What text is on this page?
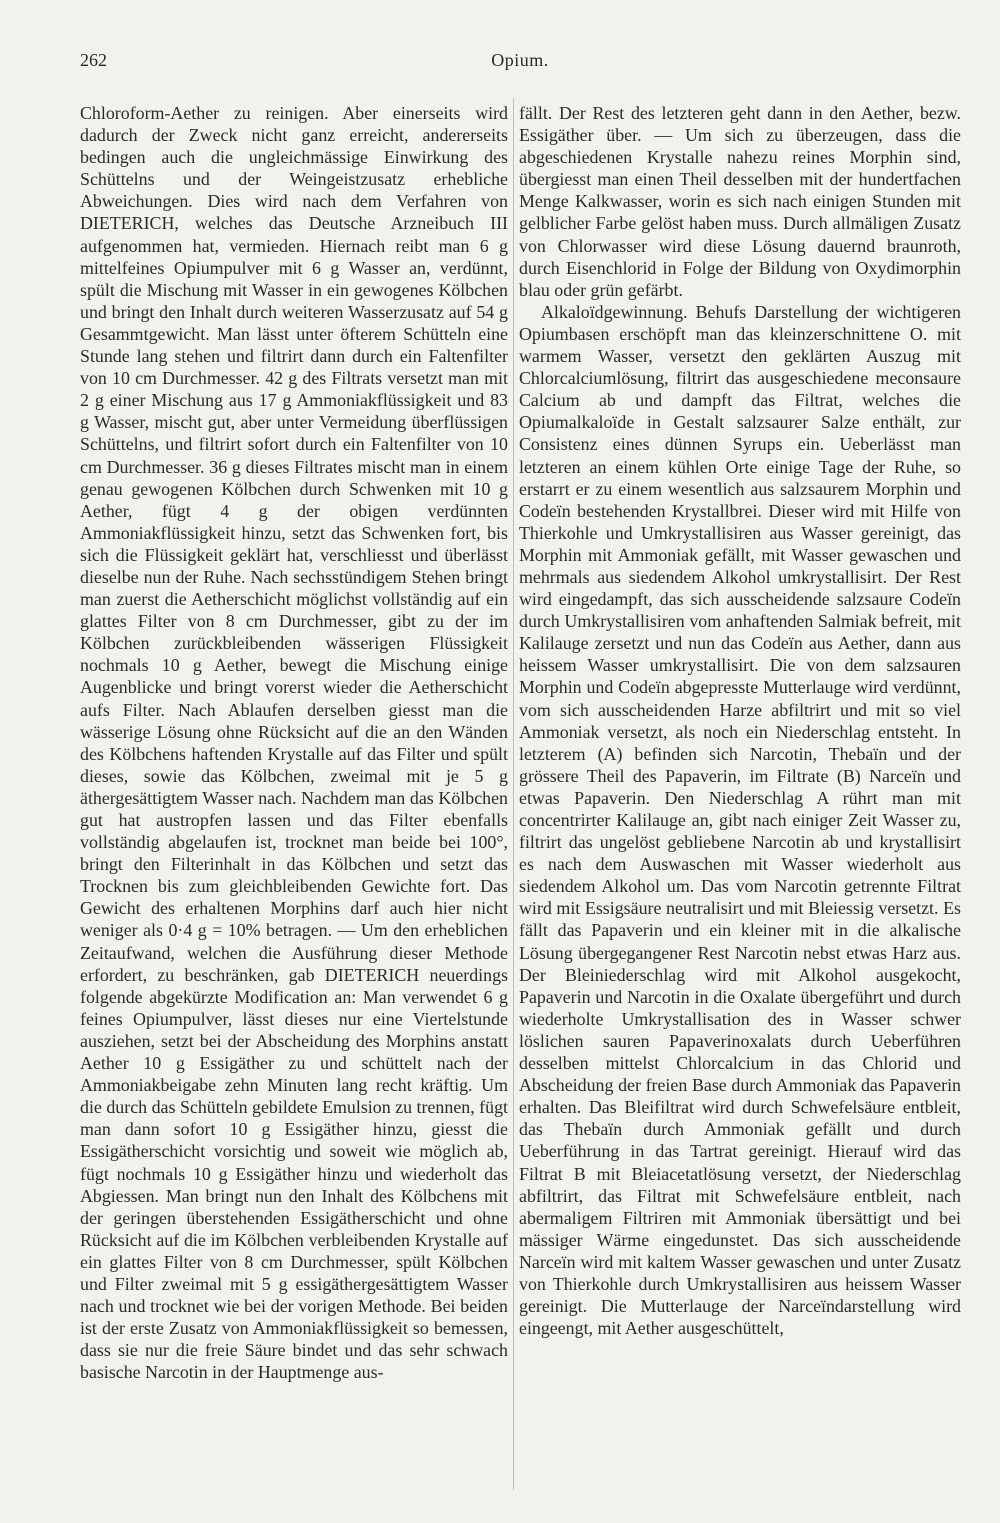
262	Opium.

Chloroform-Aether zu reinigen. Aber einerseits wird dadurch der Zweck nicht ganz erreicht, andererseits bedingen auch die ungleichmässige Einwirkung des Schüttelns und der Weingeistzusatz erhebliche Abweichungen. Dies wird nach dem Verfahren von DIETERICH, welches das Deutsche Arzneibuch III aufgenommen hat, vermieden. Hiernach reibt man 6 g mittelfeines Opiumpulver mit 6 g Wasser an, verdünnt, spült die Mischung mit Wasser in ein gewogenes Kölbchen und bringt den Inhalt durch weiteren Wasserzusatz auf 54 g Gesammtgewicht. Man lässt unter öfterem Schütteln eine Stunde lang stehen und filtrirt dann durch ein Faltenfilter von 10 cm Durchmesser. 42 g des Filtrats versetzt man mit 2 g einer Mischung aus 17 g Ammoniakflüssigkeit und 83 g Wasser, mischt gut, aber unter Vermeidung überflüssigen Schüttelns, und filtrirt sofort durch ein Faltenfilter von 10 cm Durchmesser. 36 g dieses Filtrates mischt man in einem genau gewogenen Kölbchen durch Schwenken mit 10 g Aether, fügt 4 g der obigen verdünnten Ammoniakflüssigkeit hinzu, setzt das Schwenken fort, bis sich die Flüssigkeit geklärt hat, verschliesst und überlässt dieselbe nun der Ruhe. Nach sechsstündigem Stehen bringt man zuerst die Aetherschicht möglichst vollständig auf ein glattes Filter von 8 cm Durchmesser, gibt zu der im Kölbchen zurückbleibenden wässerigen Flüssigkeit nochmals 10 g Aether, bewegt die Mischung einige Augenblicke und bringt vorerst wieder die Aetherschicht aufs Filter. Nach Ablaufen derselben giesst man die wässerige Lösung ohne Rücksicht auf die an den Wänden des Kölbchens haftenden Krystalle auf das Filter und spült dieses, sowie das Kölbchen, zweimal mit je 5 g äthergesättigtem Wasser nach. Nachdem man das Kölbchen gut hat austropfen lassen und das Filter ebenfalls vollständig abgelaufen ist, trocknet man beide bei 100°, bringt den Filterinhalt in das Kölbchen und setzt das Trocknen bis zum gleichbleibenden Gewichte fort. Das Gewicht des erhaltenen Morphins darf auch hier nicht weniger als 0·4 g = 10% betragen. — Um den erheblichen Zeitaufwand, welchen die Ausführung dieser Methode erfordert, zu beschränken, gab DIETERICH neuerdings folgende abgekürzte Modification an: Man verwendet 6 g feines Opiumpulver, lässt dieses nur eine Viertelstunde ausziehen, setzt bei der Abscheidung des Morphins anstatt Aether 10 g Essigäther zu und schüttelt nach der Ammoniakbeigabe zehn Minuten lang recht kräftig. Um die durch das Schütteln gebildete Emulsion zu trennen, fügt man dann sofort 10 g Essigäther hinzu, giesst die Essigätherschicht vorsichtig und soweit wie möglich ab, fügt nochmals 10 g Essigäther hinzu und wiederholt das Abgiessen. Man bringt nun den Inhalt des Kölbchens mit der geringen überstehenden Essigätherschicht und ohne Rücksicht auf die im Kölbchen verbleibenden Krystalle auf ein glattes Filter von 8 cm Durchmesser, spült Kölbchen und Filter zweimal mit 5 g essigäthergesättigtem Wasser nach und trocknet wie bei der vorigen Methode. Bei beiden ist der erste Zusatz von Ammoniakflüssigkeit so bemessen, dass sie nur die freie Säure bindet und das sehr schwach basische Narcotin in der Hauptmenge aus-

fällt. Der Rest des letzteren geht dann in den Aether, bezw. Essigäther über. — Um sich zu überzeugen, dass die abgeschiedenen Krystalle nahezu reines Morphin sind, übergiesst man einen Theil desselben mit der hundertfachen Menge Kalkwasser, worin es sich nach einigen Stunden mit gelblicher Farbe gelöst haben muss. Durch allmäligen Zusatz von Chlorwasser wird diese Lösung dauernd braunroth, durch Eisenchlorid in Folge der Bildung von Oxydimorphin blau oder grün gefärbt.

Alkaloïdgewinnung. Behufs Darstellung der wichtigeren Opiumbasen erschöpft man das kleinzerschnittene O. mit warmem Wasser, versetzt den geklärten Auszug mit Chlorcalciumlösung, filtrirt das ausgeschiedene meconsaure Calcium ab und dampft das Filtrat, welches die Opiumalkaloïde in Gestalt salzsaurer Salze enthält, zur Consistenz eines dünnen Syrups ein. Ueberlässt man letzteren an einem kühlen Orte einige Tage der Ruhe, so erstarrt er zu einem wesentlich aus salzsaurem Morphin und Codeïn bestehenden Krystallbrei. Dieser wird mit Hilfe von Thierkohle und Umkrystallisiren aus Wasser gereinigt, das Morphin mit Ammoniak gefällt, mit Wasser gewaschen und mehrmals aus siedendem Alkohol umkrystallisirt. Der Rest wird eingedampft, das sich ausscheidende salzsaure Codeïn durch Umkrystallisiren vom anhaftenden Salmiak befreit, mit Kalilauge zersetzt und nun das Codeïn aus Aether, dann aus heissem Wasser umkrystallisirt. Die von dem salzsauren Morphin und Codeïn abgepresste Mutterlauge wird verdünnt, vom sich ausscheidenden Harze abfiltrirt und mit so viel Ammoniak versetzt, als noch ein Niederschlag entsteht. In letzterem (A) befinden sich Narcotin, Thebaïn und der grössere Theil des Papaverin, im Filtrate (B) Narceïn und etwas Papaverin. Den Niederschlag A rührt man mit concentrirter Kalilauge an, gibt nach einiger Zeit Wasser zu, filtrirt das ungelöst gebliebene Narcotin ab und krystallisirt es nach dem Auswaschen mit Wasser wiederholt aus siedendem Alkohol um. Das vom Narcotin getrennte Filtrat wird mit Essigsäure neutralisirt und mit Bleiessig versetzt. Es fällt das Papaverin und ein kleiner mit in die alkalische Lösung übergegangener Rest Narcotin nebst etwas Harz aus. Der Bleiniederschlag wird mit Alkohol ausgekocht, Papaverin und Narcotin in die Oxalate übergeführt und durch wiederholte Umkrystallisation des in Wasser schwer löslichen sauren Papaverinoxalats durch Ueberführen desselben mittelst Chlorcalcium in das Chlorid und Abscheidung der freien Base durch Ammoniak das Papaverin erhalten. Das Bleifiltrat wird durch Schwefelsäure entbleit, das Thebaïn durch Ammoniak gefällt und durch Ueberführung in das Tartrat gereinigt. Hierauf wird das Filtrat B mit Bleiacetatlösung versetzt, der Niederschlag abfiltrirt, das Filtrat mit Schwefelsäure entbleit, nach abermaligem Filtriren mit Ammoniak übersättigt und bei mässiger Wärme eingedunstet. Das sich ausscheidende Narceïn wird mit kaltem Wasser gewaschen und unter Zusatz von Thierkohle durch Umkrystallisiren aus heissem Wasser gereinigt. Die Mutterlauge der Narceïndarstellung wird eingeengt, mit Aether ausgeschüttelt,
